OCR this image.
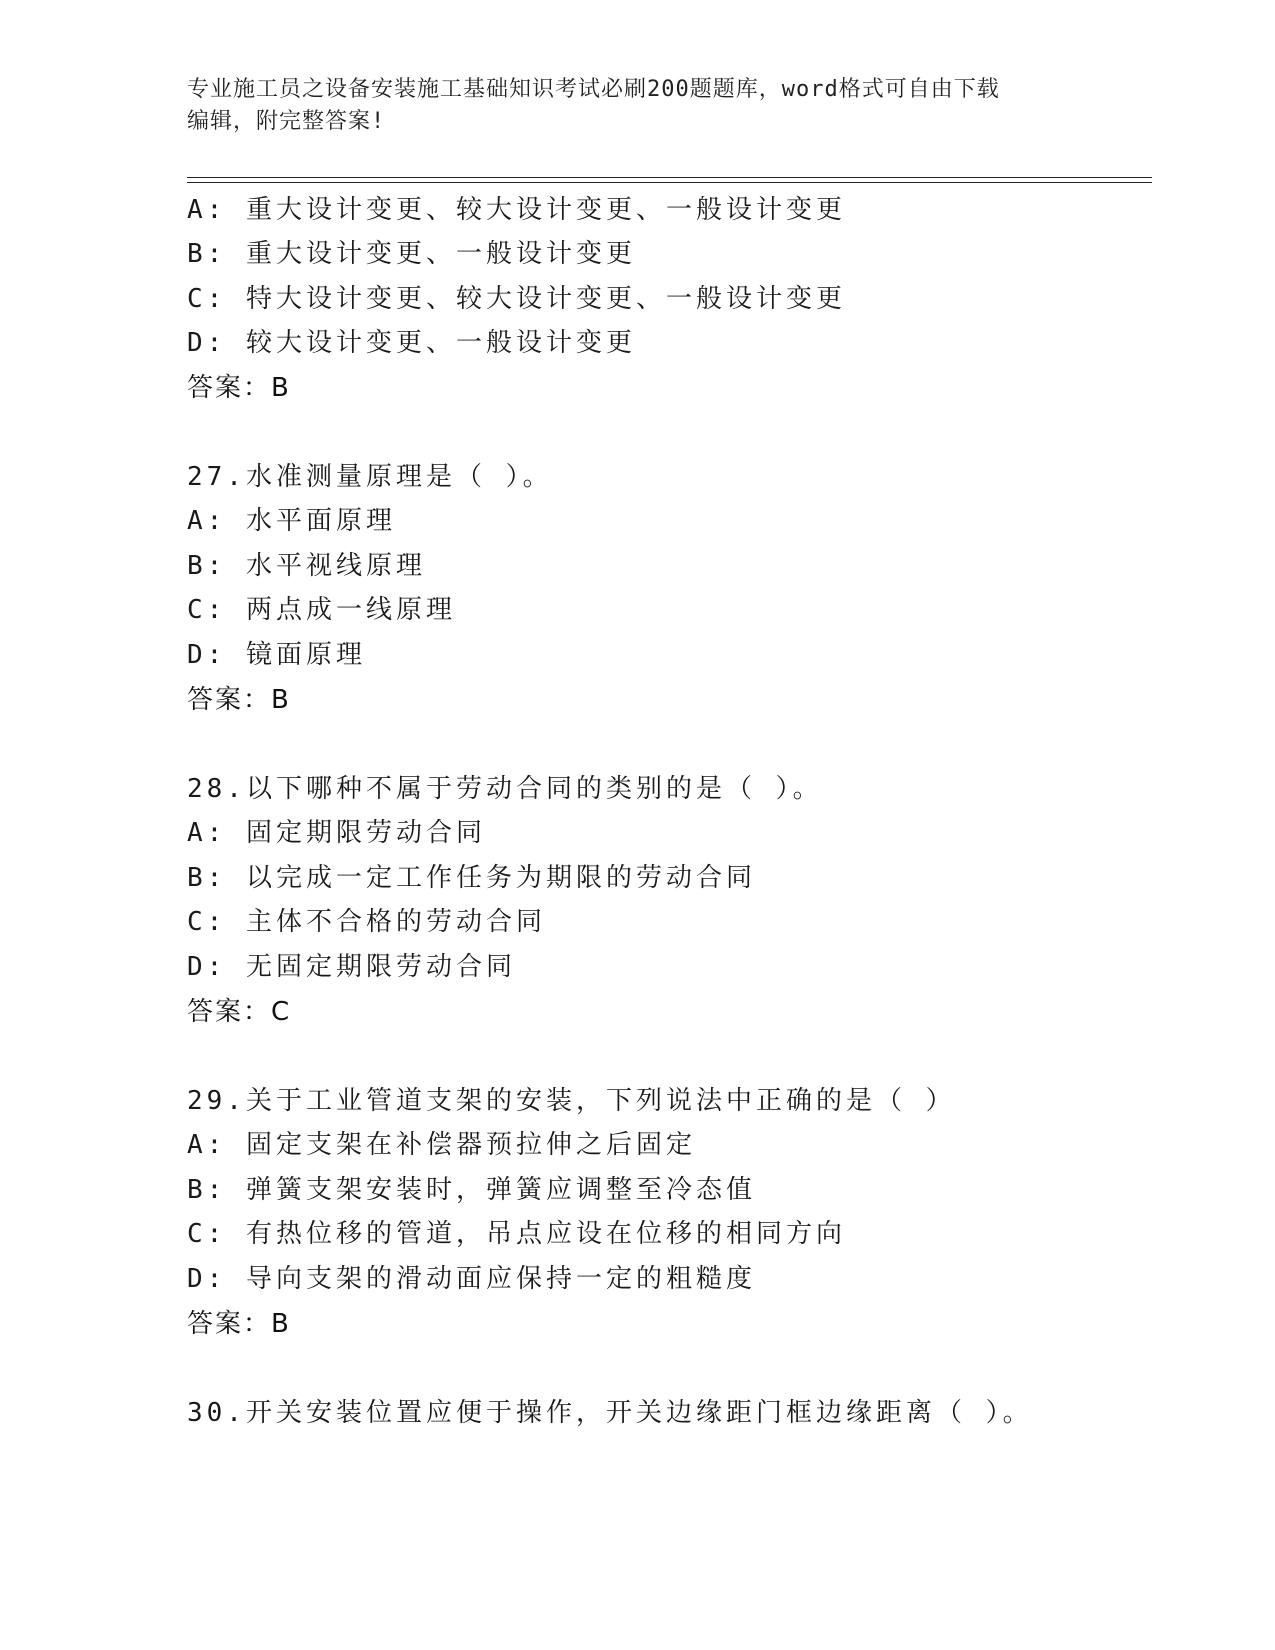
专业施工员之设备安装施工基础知识考试必刷200题题库，word格式可自由下载
编辑，附完整答案!
A: 重大设计变更、较大设计变更、一般设计变更
B: 重大设计变更、一般设计变更
C: 特大设计变更、较大设计变更、一般设计变更
D: 较大设计变更、一般设计变更
答案：B
27.水准测量原理是（ ）。
A: 水平面原理
B: 水平视线原理
C: 两点成一线原理
D: 镜面原理
答案：B
28.以下哪种不属于劳动合同的类别的是（ ）。
A: 固定期限劳动合同
B: 以完成一定工作任务为期限的劳动合同
C: 主体不合格的劳动合同
D: 无固定期限劳动合同
答案：C
29.关于工业管道支架的安装，下列说法中正确的是（ ）
A: 固定支架在补偿器预拉伸之后固定
B: 弹簧支架安装时，弹簧应调整至冷态值
C: 有热位移的管道，吊点应设在位移的相同方向
D: 导向支架的滑动面应保持一定的粗糙度
答案：B
30.开关安装位置应便于操作，开关边缘距门框边缘距离（ ）。
